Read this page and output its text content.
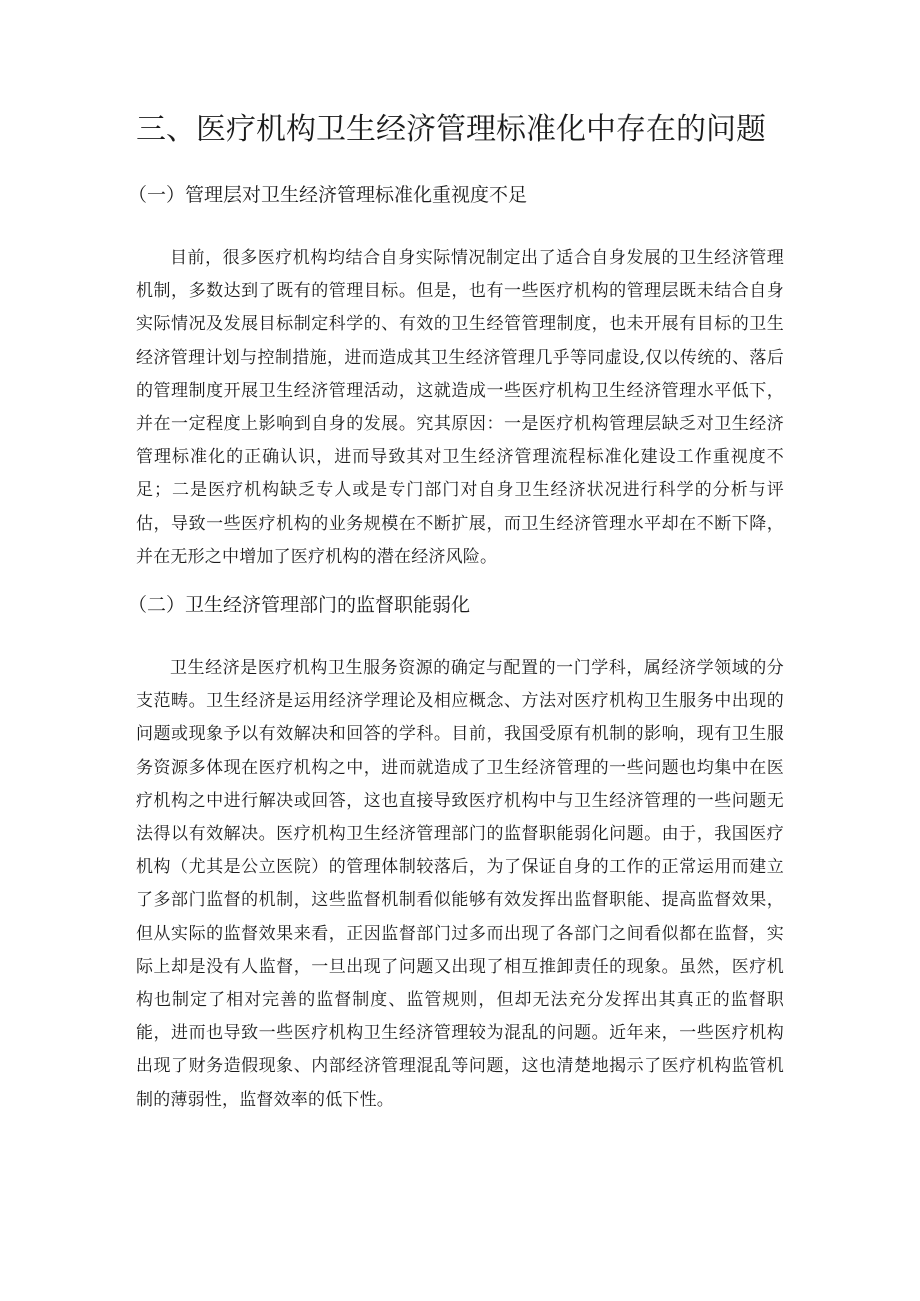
三、医疗机构卫生经济管理标准化中存在的问题
（一）管理层对卫生经济管理标准化重视度不足

目前，很多医疗机构均结合自身实际情况制定出了适合自身发展的卫生经济管理机制，多数达到了既有的管理目标。但是，也有一些医疗机构的管理层既未结合自身实际情况及发展目标制定科学的、有效的卫生经管管理制度，也未开展有目标的卫生经济管理计划与控制措施，进而造成其卫生经济管理几乎等同虚设,仅以传统的、落后的管理制度开展卫生经济管理活动，这就造成一些医疗机构卫生经济管理水平低下，并在一定程度上影响到自身的发展。究其原因：一是医疗机构管理层缺乏对卫生经济管理标准化的正确认识，进而导致其对卫生经济管理流程标准化建设工作重视度不足；二是医疗机构缺乏专人或是专门部门对自身卫生经济状况进行科学的分析与评估，导致一些医疗机构的业务规模在不断扩展，而卫生经济管理水平却在不断下降，并在无形之中增加了医疗机构的潜在经济风险。

（二）卫生经济管理部门的监督职能弱化

卫生经济是医疗机构卫生服务资源的确定与配置的一门学科，属经济学领域的分支范畴。卫生经济是运用经济学理论及相应概念、方法对医疗机构卫生服务中出现的问题或现象予以有效解决和回答的学科。目前，我国受原有机制的影响，现有卫生服务资源多体现在医疗机构之中，进而就造成了卫生经济管理的一些问题也均集中在医疗机构之中进行解决或回答，这也直接导致医疗机构中与卫生经济管理的一些问题无法得以有效解决。医疗机构卫生经济管理部门的监督职能弱化问题。由于，我国医疗机构（尤其是公立医院）的管理体制较落后，为了保证自身的工作的正常运用而建立了多部门监督的机制，这些监督机制看似能够有效发挥出监督职能、提高监督效果，但从实际的监督效果来看，正因监督部门过多而出现了各部门之间看似都在监督，实际上却是没有人监督，一旦出现了问题又出现了相互推卸责任的现象。虽然，医疗机构也制定了相对完善的监督制度、监管规则，但却无法充分发挥出其真正的监督职能，进而也导致一些医疗机构卫生经济管理较为混乱的问题。近年来，一些医疗机构出现了财务造假现象、内部经济管理混乱等问题，这也清楚地揭示了医疗机构监管机制的薄弱性，监督效率的低下性。
